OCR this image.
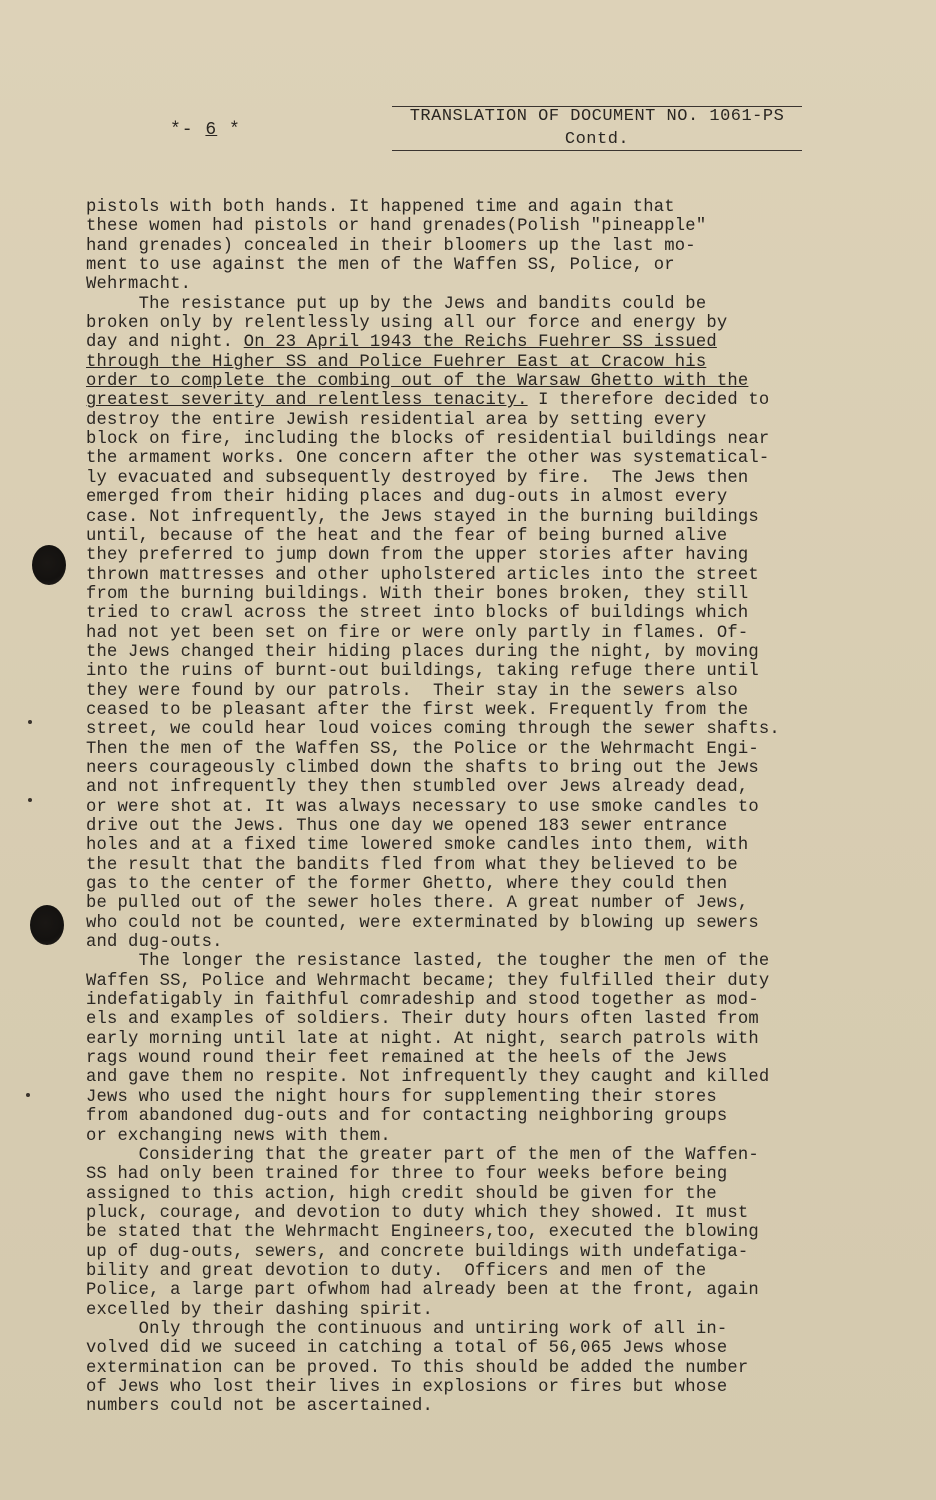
*- 6 *
TRANSLATION OF DOCUMENT NO. 1061-PS
Contd.
pistols with both hands. It happened time and again that
these women had pistols or hand grenades(Polish "pineapple"
hand grenades) concealed in their bloomers up the last mo-
ment to use against the men of the Waffen SS, Police, or
Wehrmacht.
The resistance put up by the Jews and bandits could be
broken only by relentlessly using all our force and energy by
day and night. On 23 April 1943 the Reichs Fuehrer SS issued
through the Higher SS and Police Fuehrer East at Cracow his
order to complete the combing out of the Warsaw Ghetto with the
greatest severity and relentless tenacity. I therefore decided to
destroy the entire Jewish residential area by setting every
block on fire, including the blocks of residential buildings near
the armament works. One concern after the other was systematical-
ly evacuated and subsequently destroyed by fire.  The Jews then
emerged from their hiding places and dug-outs in almost every
case. Not infrequently, the Jews stayed in the burning buildings
until, because of the heat and the fear of being burned alive
they preferred to jump down from the upper stories after having
thrown mattresses and other upholstered articles into the street
from the burning buildings. With their bones broken, they still
tried to crawl across the street into blocks of buildings which
had not yet been set on fire or were only partly in flames. Of-
the Jews changed their hiding places during the night, by moving
into the ruins of burnt-out buildings, taking refuge there until
they were found by our patrols.  Their stay in the sewers also
ceased to be pleasant after the first week. Frequently from the
street, we could hear loud voices coming through the sewer shafts.
Then the men of the Waffen SS, the Police or the Wehrmacht Engi-
neers courageously climbed down the shafts to bring out the Jews
and not infrequently they then stumbled over Jews already dead,
or were shot at. It was always necessary to use smoke candles to
drive out the Jews. Thus one day we opened 183 sewer entrance
holes and at a fixed time lowered smoke candles into them, with
the result that the bandits fled from what they believed to be
gas to the center of the former Ghetto, where they could then
be pulled out of the sewer holes there. A great number of Jews,
who could not be counted, were exterminated by blowing up sewers
and dug-outs.
The longer the resistance lasted, the tougher the men of the
Waffen SS, Police and Wehrmacht became; they fulfilled their duty
indefatigably in faithful comradeship and stood together as mod-
els and examples of soldiers. Their duty hours often lasted from
early morning until late at night. At night, search patrols with
rags wound round their feet remained at the heels of the Jews
and gave them no respite. Not infrequently they caught and killed
Jews who used the night hours for supplementing their stores
from abandoned dug-outs and for contacting neighboring groups
or exchanging news with them.
Considering that the greater part of the men of the Waffen-
SS had only been trained for three to four weeks before being
assigned to this action, high credit should be given for the
pluck, courage, and devotion to duty which they showed. It must
be stated that the Wehrmacht Engineers,too, executed the blowing
up of dug-outs, sewers, and concrete buildings with undefatiga-
bility and great devotion to duty.  Officers and men of the
Police, a large part ofwhom had already been at the front, again
excelled by their dashing spirit.
Only through the continuous and untiring work of all in-
volved did we suceed in catching a total of 56,065 Jews whose
extermination can be proved. To this should be added the number
of Jews who lost their lives in explosions or fires but whose
numbers could not be ascertained.
